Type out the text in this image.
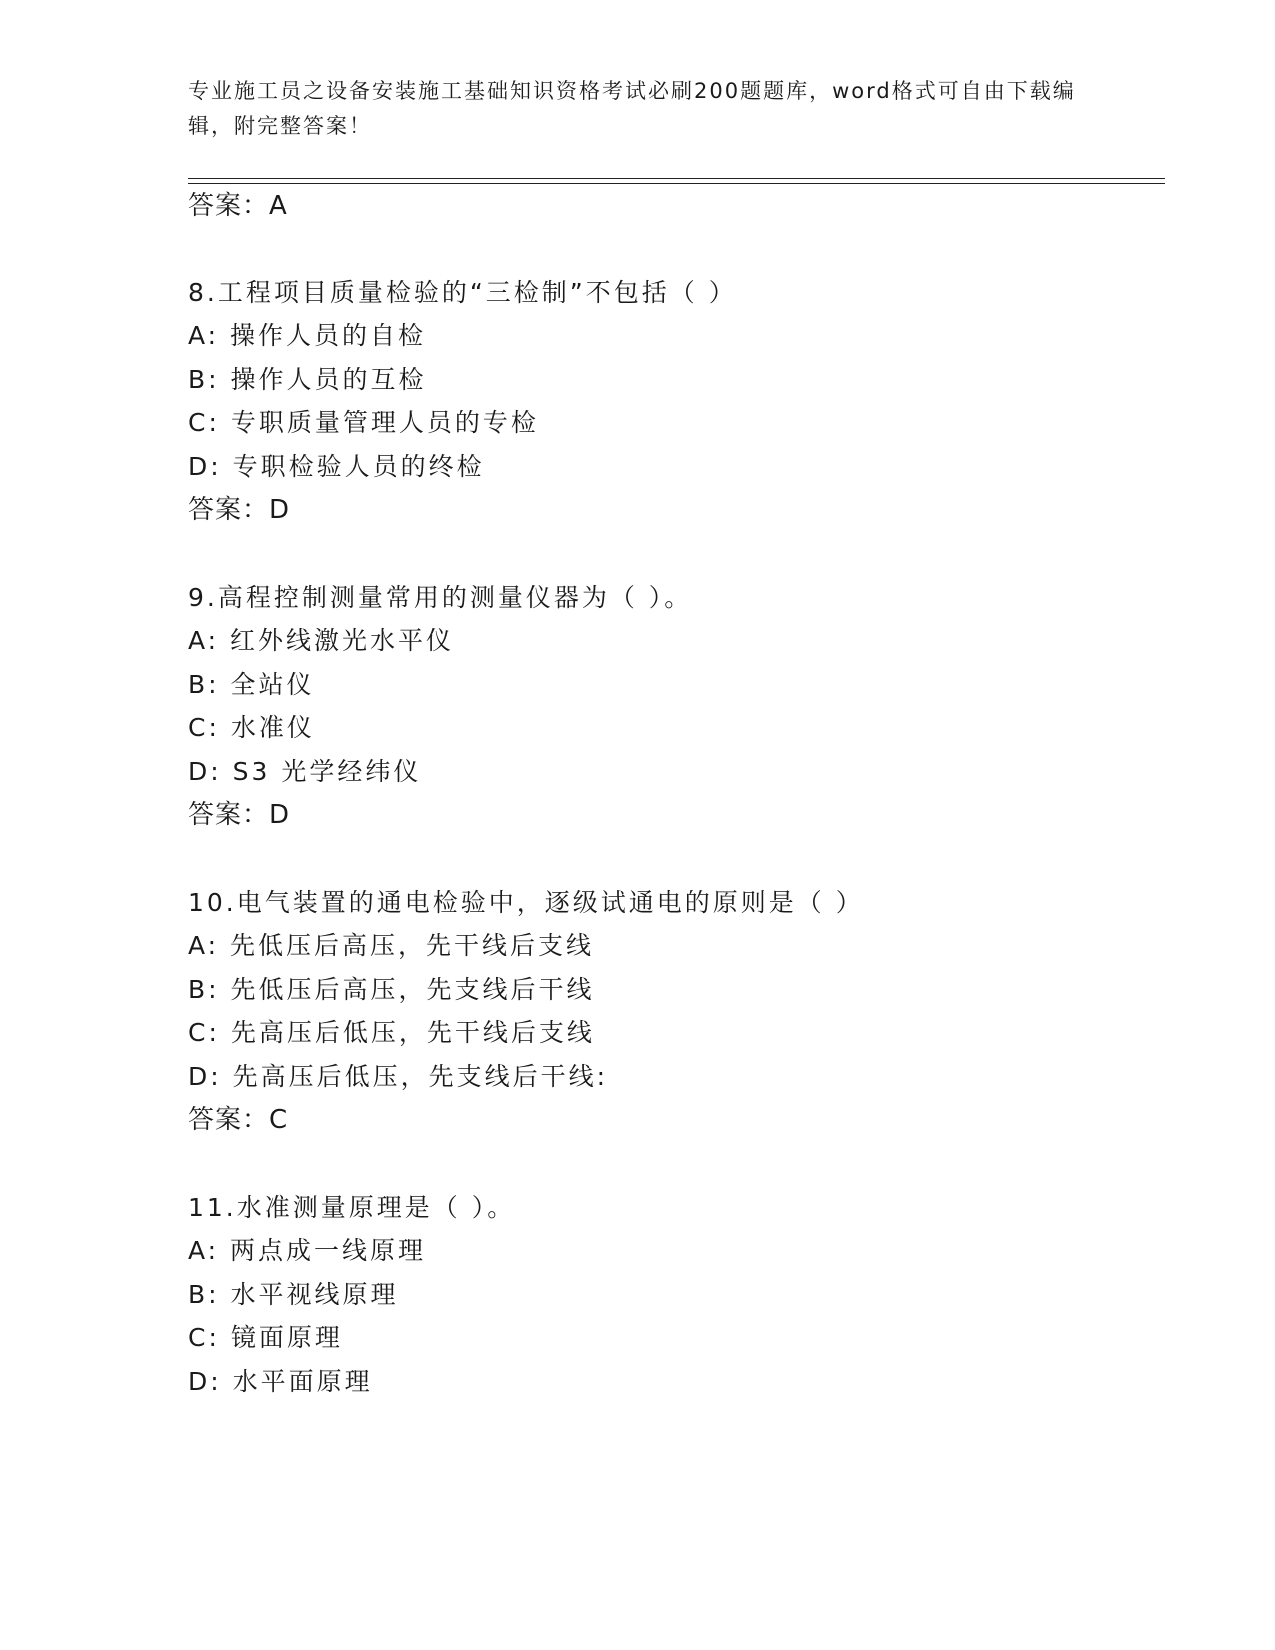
专业施工员之设备安装施工基础知识资格考试必刷200题题库，word格式可自由下载编辑，附完整答案！
答案：A
8.工程项目质量检验的“三检制”不包括（ ）
A: 操作人员的自检
B: 操作人员的互检
C: 专职质量管理人员的专检
D: 专职检验人员的终检
答案：D
9.高程控制测量常用的测量仪器为（ ）。
A: 红外线激光水平仪
B: 全站仪
C: 水准仪
D: S3 光学经纬仪
答案：D
10.电气装置的通电检验中，逐级试通电的原则是（ ）
A: 先低压后高压，先干线后支线
B: 先低压后高压，先支线后干线
C: 先高压后低压，先干线后支线
D: 先高压后低压，先支线后干线:
答案：C
11.水准测量原理是（ ）。
A: 两点成一线原理
B: 水平视线原理
C: 镜面原理
D: 水平面原理
